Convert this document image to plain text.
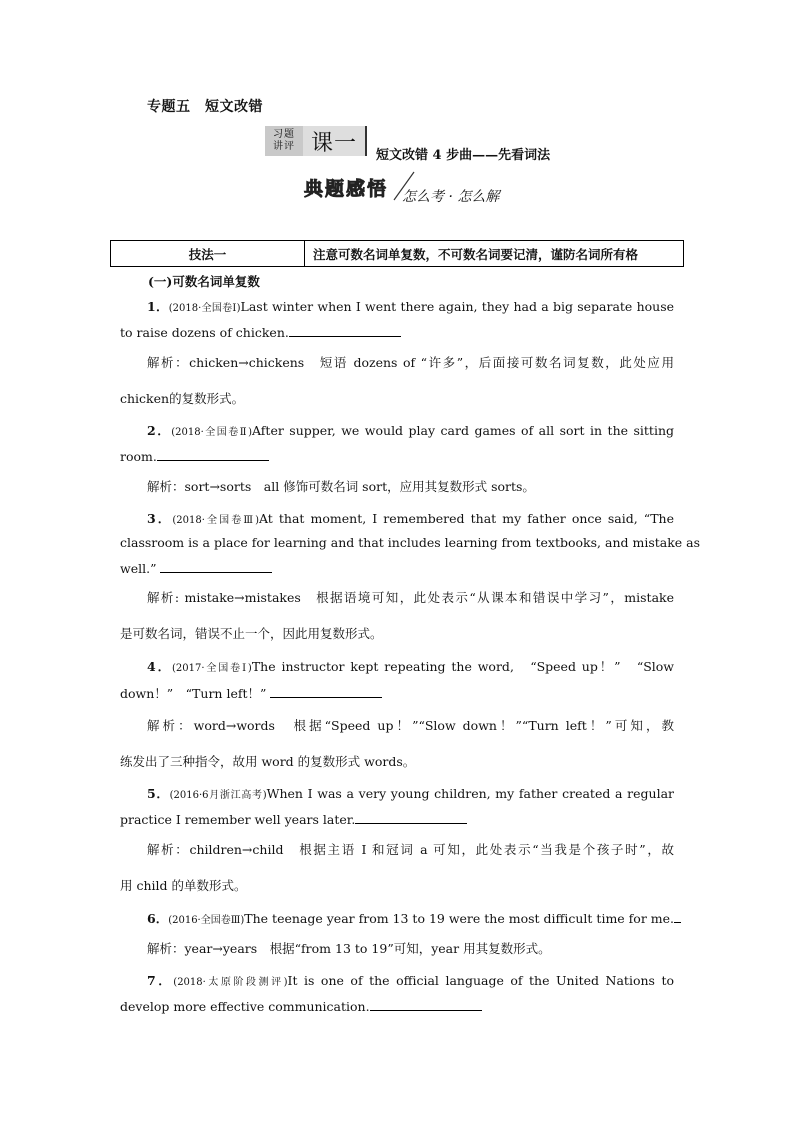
专题五　短文改错
习题
讲评 课一	短文改错 4 步曲——先看词法
典题感悟 怎么考 · 怎么解
技法一	注意可数名词单复数，不可数名词要记清，谨防名词所有格
(一)可数名词单复数
1．(2018·全国卷Ⅰ)Last winter when I went there again, they had a big separate house
to raise dozens of chicken.
解析：chicken→chickens　短语 dozens of “许多”，后面接可数名词复数，此处应用
chicken的复数形式。
2．(2018·全国卷Ⅱ)After supper, we would play card games of all sort in the sitting
room.
解析：sort→sorts　all 修饰可数名词 sort，应用其复数形式 sorts。
3．(2018·全国卷Ⅲ)At that moment, I remembered that my father once said, “The
classroom is a place for learning and that includes learning from textbooks, and mistake as
well.”
解析: mistake→mistakes　根据语境可知，此处表示“从课本和错误中学习”，mistake
是可数名词，错误不止一个，因此用复数形式。
4．(2017·全国卷Ⅰ)The instructor kept repeating the word,　“Speed up！”　“Slow
down！”　“Turn left！”
解析：word→words　根据“Speed up！”“Slow down！”“Turn left！”可知，教
练发出了三种指令，故用 word 的复数形式 words。
5．(2016·6月浙江高考)When I was a very young children, my father created a regular
practice I remember well years later.
解析：children→child　根据主语 I 和冠词 a 可知，此处表示“当我是个孩子时”，故
用 child 的单数形式。
6．(2016·全国卷Ⅲ)The teenage year from 13 to 19 were the most difficult time for me.
解析：year→years　根据“from 13 to 19”可知，year 用其复数形式。
7．(2018·太原阶段测评)It is one of the official language of the United Nations to
develop more effective communication.
